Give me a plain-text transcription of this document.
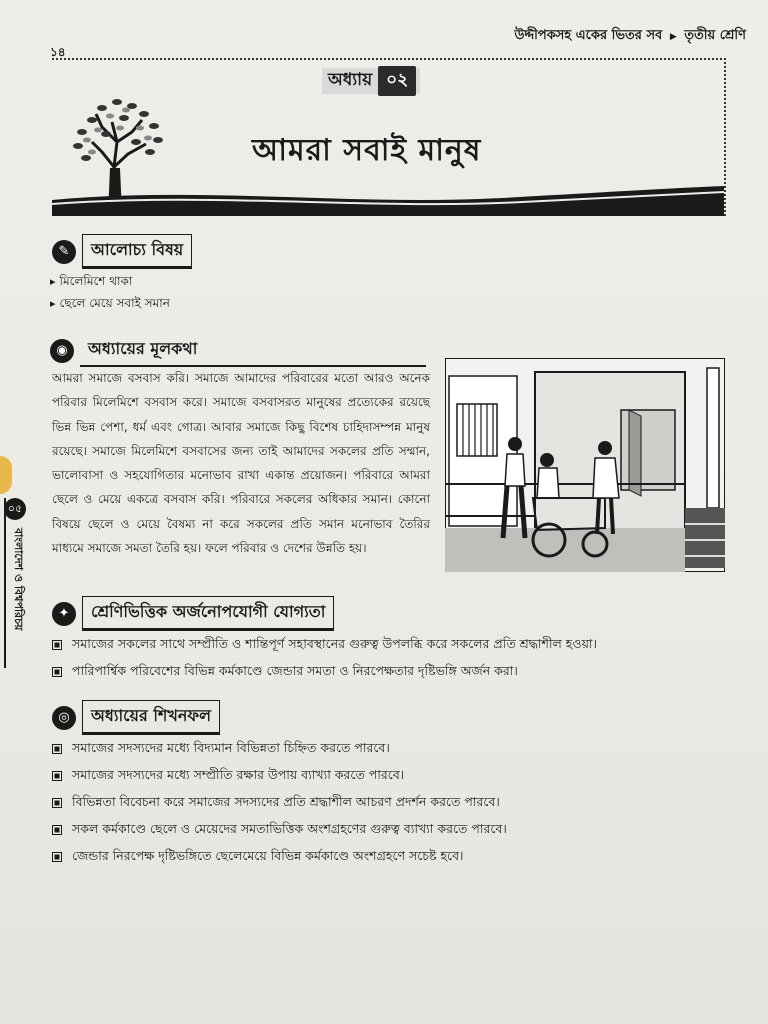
উদ্দীপকসহ একের ভিতর সব ▶ তৃতীয় শ্রেণি
১৪
অধ্যায় ০২
আমরা সবাই মানুষ
✎	আলোচ্য বিষয়
▸ মিলেমিশে থাকা
▸ ছেলে মেয়ে সবাই সমান
◉	অধ্যায়ের মূলকথা
আমরা সমাজে বসবাস করি। সমাজে আমাদের পরিবারের মতো আরও অনেক পরিবার মিলেমিশে বসবাস করে। সমাজে বসবাসরত মানুষের প্রত্যেকের রয়েছে ভিন্ন ভিন্ন পেশা, ধর্ম এবং গোত্র। আবার সমাজে কিছু বিশেষ চাহিদাসম্পন্ন মানুষ রয়েছে। সমাজে মিলেমিশে বসবাসের জন্য তাই আমাদের সকলের প্রতি সম্মান, ভালোবাসা ও সহযোগিতার মনোভাব রাখা একান্ত প্রয়োজন। পরিবারে আমরা ছেলে ও মেয়ে একত্রে বসবাস করি। পরিবারে সকলের অধিকার সমান। কোনো বিষয়ে ছেলে ও মেয়ে বৈষম্য না করে সকলের প্রতি সমান মনোভাব তৈরির মাধ্যমে সমাজে সমতা তৈরি হয়। ফলে পরিবার ও দেশের উন্নতি হয়।
✦	শ্রেণিভিত্তিক অর্জনোপযোগী যোগ্যতা
সমাজের সকলের সাথে সম্প্রীতি ও শান্তিপূর্ণ সহাবস্থানের গুরুত্ব উপলব্ধি করে সকলের প্রতি শ্রদ্ধাশীল হওয়া।
পারিপার্শ্বিক পরিবেশের বিভিন্ন কর্মকাণ্ডে জেন্ডার সমতা ও নিরপেক্ষতার দৃষ্টিভঙ্গি অর্জন করা।
◎	অধ্যায়ের শিখনফল
সমাজের সদস্যদের মধ্যে বিদ্যমান বিভিন্নতা চিহ্নিত করতে পারবে।
সমাজের সদস্যদের মধ্যে সম্প্রীতি রক্ষার উপায় ব্যাখ্যা করতে পারবে।
বিভিন্নতা বিবেচনা করে সমাজের সদস্যদের প্রতি শ্রদ্ধাশীল আচরণ প্রদর্শন করতে পারবে।
সকল কর্মকাণ্ডে ছেলে ও মেয়েদের সমতাভিত্তিক অংশগ্রহণের গুরুত্ব ব্যাখ্যা করতে পারবে।
জেন্ডার নিরপেক্ষ দৃষ্টিভঙ্গিতে ছেলেমেয়ে বিভিন্ন কর্মকাণ্ডে অংশগ্রহণে সচেষ্ট হবে।
০৫
বাংলাদেশ ও বিশ্বপরিচয়
